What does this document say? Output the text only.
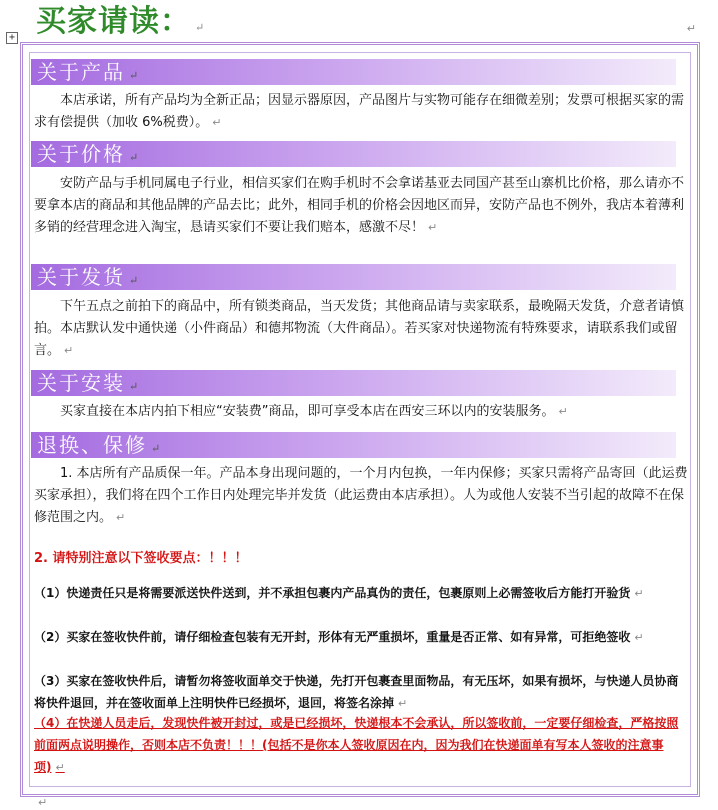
买家请读： ↵	↵
+
关于产品 ↵

本店承诺，所有产品均为全新正品；因显示器原因，产品图片与实物可能存在细微差别；发票可根据买家的需求有偿提供（加收 6%税费）。 ↵

关于价格 ↵

安防产品与手机同属电子行业，相信买家们在购手机时不会拿诺基亚去同国产甚至山寨机比价格，那么请亦不要拿本店的商品和其他品牌的产品去比；此外，相同手机的价格会因地区而异，安防产品也不例外，我店本着薄利多销的经营理念进入淘宝，恳请买家们不要让我们赔本，感激不尽！ ↵

关于发货 ↵

下午五点之前拍下的商品中，所有锁类商品，当天发货；其他商品请与卖家联系，最晚隔天发货，介意者请慎拍。本店默认发中通快递（小件商品）和德邦物流（大件商品）。若买家对快递物流有特殊要求，请联系我们或留言。 ↵

关于安装 ↵

买家直接在本店内拍下相应“安装费”商品，即可享受本店在西安三环以内的安装服务。 ↵

退换、保修 ↵

1. 本店所有产品质保一年。产品本身出现问题的，一个月内包换，一年内保修；买家只需将产品寄回（此运费买家承担），我们将在四个工作日内处理完毕并发货（此运费由本店承担）。人为或他人安装不当引起的故障不在保修范围之内。 ↵

2. 请特别注意以下签收要点：！！！
（1）快递责任只是将需要派送快件送到，并不承担包裹内产品真伪的责任，包裹原则上必需签收后方能打开验货 ↵
（2）买家在签收快件前，请仔细检查包装有无开封，形体有无严重损坏，重量是否正常、如有异常，可拒绝签收 ↵
（3）买家在签收快件后，请暂勿将签收面单交于快递，先打开包裹查里面物品，有无压坏，如果有损坏，与快递人员协商将快件退回，并在签收面单上注明快件已经损坏，退回，将签名涂掉 ↵
（4）在快递人员走后，发现快件被开封过，或是已经损坏，快递根本不会承认，所以签收前，一定要仔细检查，严格按照前面两点说明操作，否则本店不负责！！！(包括不是你本人签收原因在内，因为我们在快递面单有写本人签收的注意事项) ↵
↵
